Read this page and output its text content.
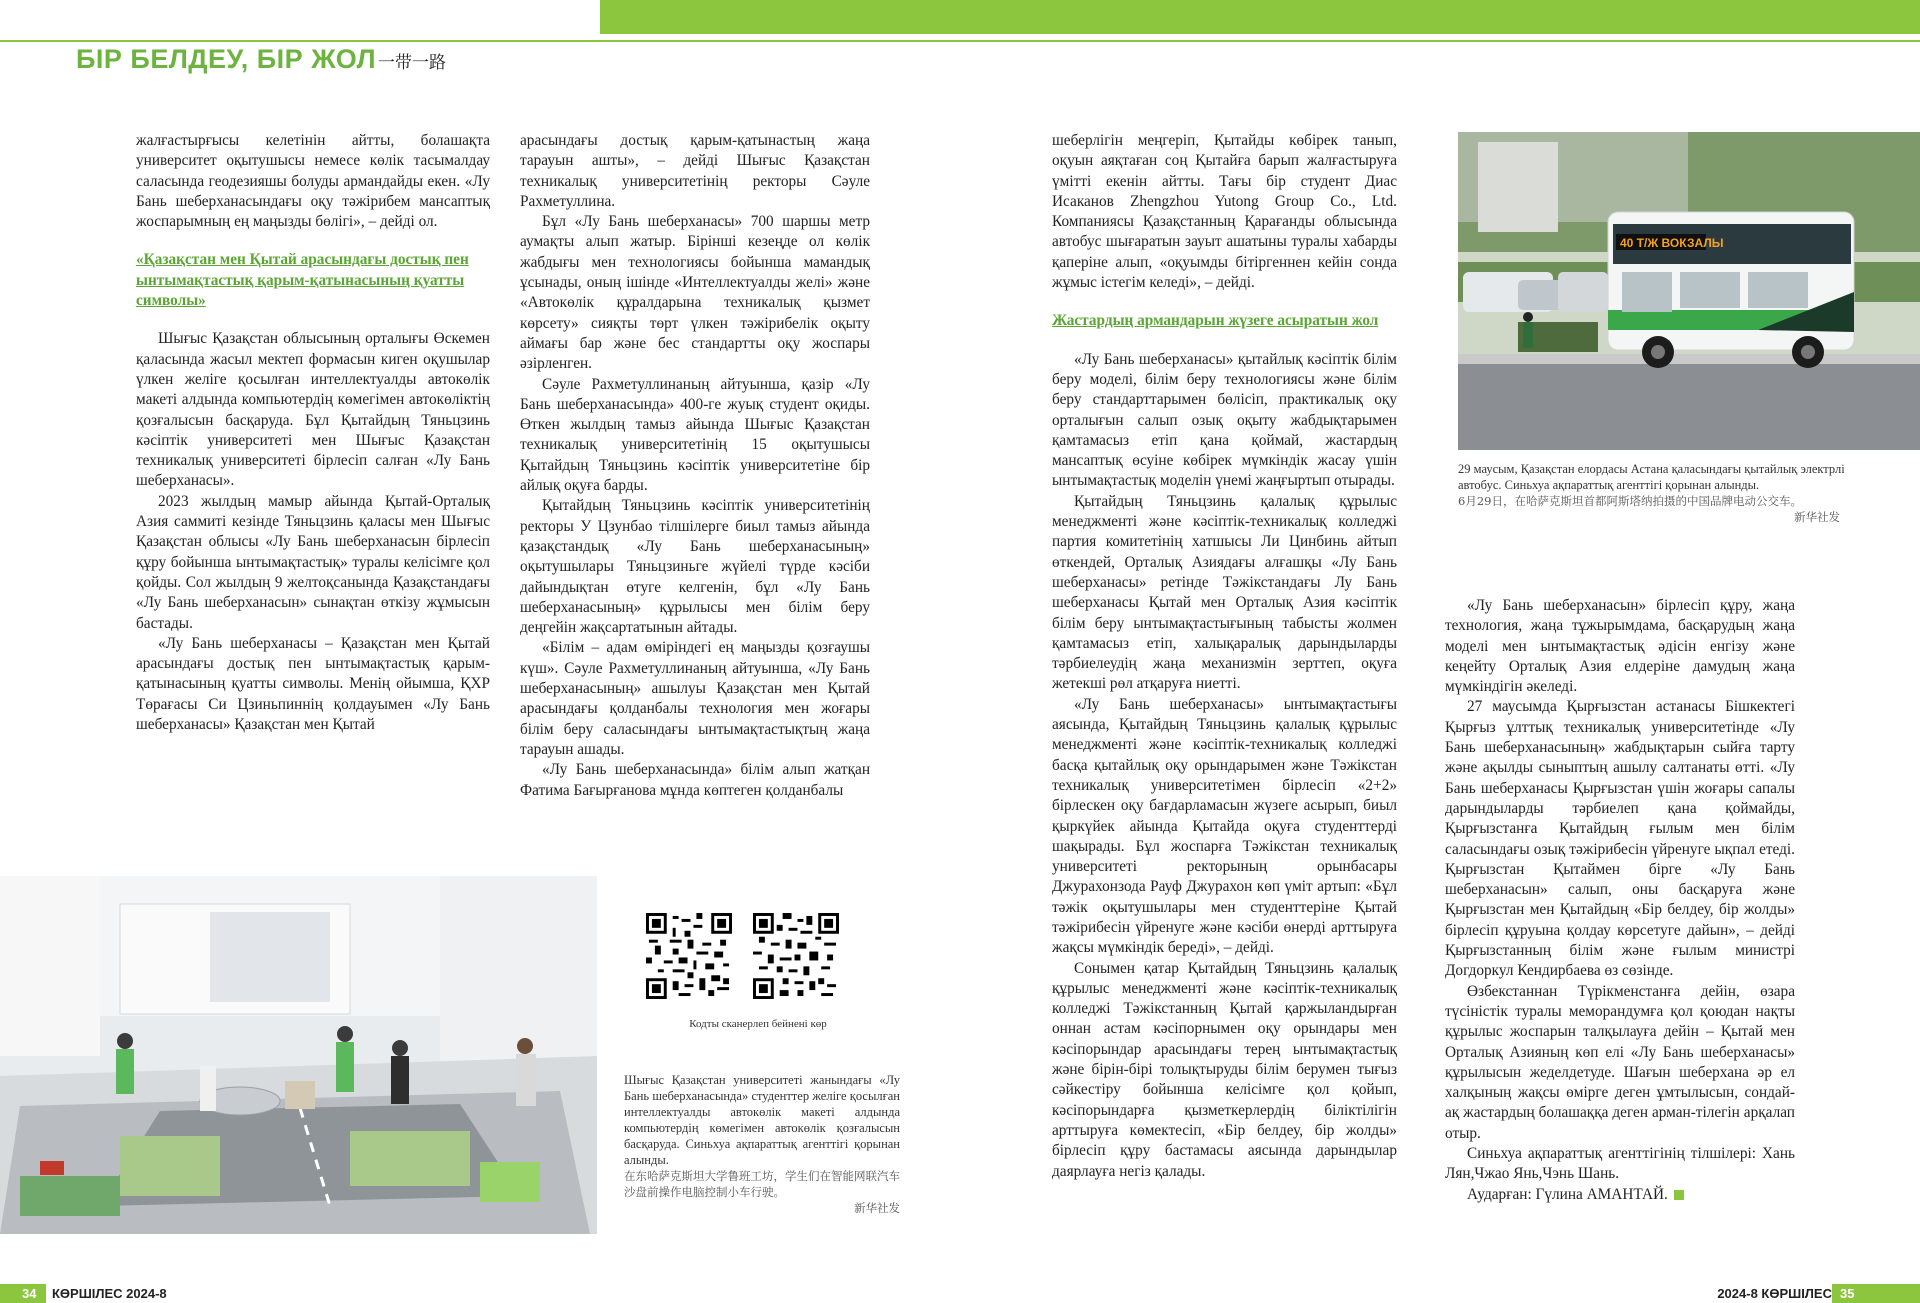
БІР БЕЛДЕУ, БІР ЖОЛ 一带一路

жалғастырғысы келетінін айтты, болашақта университет оқытушысы немесе көлік тасымалдау саласында геодезияшы болуды армандайды екен. «Лу Бань шеберханасындағы оқу тәжірибем мансаптық жоспарымның ең маңызды бөлігі», – дейді ол.

«Қазақстан мен Қытай арасындағы достық пен ынтымақтастық қарым-қатынасының қуатты символы»

Шығыс Қазақстан облысының орталығы Өскемен қаласында жасыл мектеп формасын киген оқушылар үлкен желіге қосылған интеллектуалды автокөлік макеті алдында компьютердің көмегімен автокөліктің қозғалысын басқаруда. Бұл Қытайдың Тяньцзинь кәсіптік университеті мен Шығыс Қазақстан техникалық университеті бірлесіп салған «Лу Бань шеберханасы».

2023 жылдың мамыр айында Қытай-Орталық Азия саммиті кезінде Тяньцзинь қаласы мен Шығыс Қазақстан облысы «Лу Бань шеберханасын бірлесіп құру бойынша ынтымақтастық» туралы келісімге қол қойды. Сол жылдың 9 желтоқсанында Қазақстандағы «Лу Бань шеберханасын» сынақтан өткізу жұмысын бастады.

«Лу Бань шеберханасы – Қазақстан мен Қытай арасындағы достық пен ынтымақтастық қарым-қатынасының қуатты символы. Менің ойымша, ҚХР Төрағасы Си Цзиньпиннің қолдауымен «Лу Бань шеберханасы» Қазақстан мен Қытай

арасындағы достық қарым-қатынастың жаңа тарауын ашты», – дейді Шығыс Қазақстан техникалық университетінің ректоры Сәуле Рахметуллина.

Бұл «Лу Бань шеберханасы» 700 шаршы метр аумақты алып жатыр. Бірінші кезеңде ол көлік жабдығы мен технологиясы бойынша мамандық ұсынады, оның ішінде «Интеллектуалды желі» және «Автокөлік құралдарына техникалық қызмет көрсету» сияқты төрт үлкен тәжірибелік оқыту аймағы бар және бес стандартты оқу жоспары әзірленген.

Сәуле Рахметуллинаның айтуынша, қазір «Лу Бань шеберханасында» 400-ге жуық студент оқиды. Өткен жылдың тамыз айында Шығыс Қазақстан техникалық университетінің 15 оқытушысы Қытайдың Тяньцзинь кәсіптік университетіне бір айлық оқуға барды.

Қытайдың Тяньцзинь кәсіптік университетінің ректоры У Цзунбао тілшілерге биыл тамыз айында қазақстандық «Лу Бань шеберханасының» оқытушылары Тяньцзиньге жүйелі түрде кәсіби дайындықтан өтуге келгенін, бұл «Лу Бань шеберханасының» құрылысы мен білім беру деңгейін жақсартатынын айтады.

«Білім – адам өміріндегі ең маңызды қозғаушы күш». Сәуле Рахметуллинаның айтуынша, «Лу Бань шеберханасының» ашылуы Қазақстан мен Қытай арасындағы қолданбалы технология мен жоғары білім беру саласындағы ынтымақтастықтың жаңа тарауын ашады.

«Лу Бань шеберханасында» білім алып жатқан Фатима Бағырғанова мұнда көптеген қолданбалы

Кодты сканерлеп бейнені көр
Шығыс Қазақстан университеті жанындағы «Лу Бань шеберханасында» студенттер желіге қосылған интеллектуалды автокөлік макеті алдында компьютердің көмегімен автокөлік қозғалысын басқаруда. Синьхуа ақпараттық агенттігі қорынан алынды.
在东哈萨克斯坦大学鲁班工坊，学生们在智能网联汽车沙盘前操作电脑控制小车行驶。
新华社发

шеберлігін меңгеріп, Қытайды көбірек танып, оқуын аяқтаған соң Қытайға барып жалғастыруға үмітті екенін айтты. Тағы бір студент Диас Исаканов Zhengzhou Yutong Group Co., Ltd. Компаниясы Қазақстанның Қарағанды облысында автобус шығаратын зауыт ашатыны туралы хабарды қаперіне алып, «оқуымды бітіргеннен кейін сонда жұмыс істегім келеді», – дейді.

Жастардың армандарын жүзеге асыратын жол

«Лу Бань шеберханасы» қытайлық кәсіптік білім беру моделі, білім беру технологиясы және білім беру стандарттарымен бөлісіп, практикалық оқу орталығын салып озық оқыту жабдықтарымен қамтамасыз етіп қана қоймай, жастардың мансаптық өсуіне көбірек мүмкіндік жасау үшін ынтымақтастық моделін үнемі жаңғыртып отырады.

Қытайдың Тяньцзинь қалалық құрылыс менеджменті және кәсіптік-техникалық колледжі партия комитетінің хатшысы Ли Цинбинь айтып өткендей, Орталық Азиядағы алғашқы «Лу Бань шеберханасы» ретінде Тәжікстандағы Лу Бань шеберханасы Қытай мен Орталық Азия кәсіптік білім беру ынтымақтастығының табысты жолмен қамтамасыз етіп, халықаралық дарындыларды тәрбиелеудің жаңа механизмін зерттеп, оқуға жетекші рөл атқаруға ниетті.

«Лу Бань шеберханасы» ынтымақтастығы аясында, Қытайдың Тяньцзинь қалалық құрылыс менеджменті және кәсіптік-техникалық колледжі басқа қытайлық оқу орындарымен және Тәжікстан техникалық университетімен бірлесіп «2+2» бірлескен оқу бағдарламасын жүзеге асырып, биыл қыркүйек айында Қытайда оқуға студенттерді шақырады. Бұл жоспарға Тәжікстан техникалық университеті ректорының орынбасары Джурахонзода Рауф Джурахон көп үміт артып: «Бұл тәжік оқытушылары мен студенттеріне Қытай тәжірибесін үйренуге және кәсіби өнерді арттыруға жақсы мүмкіндік береді», – дейді.

Сонымен қатар Қытайдың Тяньцзинь қалалық құрылыс менеджменті және кәсіптік-техникалық колледжі Тәжікстанның Қытай қаржыландырған оннан астам кәсіпорнымен оқу орындары мен кәсіпорындар арасындағы терең ынтымақтастық және бірін-бірі толықтыруды білім берумен тығыз сәйкестіру бойынша келісімге қол қойып, кәсіпорындарға қызметкерлердің біліктілігін арттыруға көмектесіп, «Бір белдеу, бір жолды» бірлесіп құру бастамасы аясында дарындылар даярлауға негіз қалады.

40 Т/Ж ВОКЗАЛЫ
29 маусым, Қазақстан елордасы Астана қаласындағы қытайлық электрлі автобус. Синьхуа ақпараттық агенттігі қорынан алынды.
6月29日，在哈萨克斯坦首都阿斯塔纳拍摄的中国品牌电动公交车。
新华社发

«Лу Бань шеберханасын» бірлесіп құру, жаңа технология, жаңа тұжырымдама, басқарудың жаңа моделі мен ынтымақтастық әдісін енгізу және кеңейту Орталық Азия елдеріне дамудың жаңа мүмкіндігін әкеледі.

27 маусымда Қырғызстан астанасы Бішкектегі Қырғыз ұлттық техникалық университетінде «Лу Бань шеберханасының» жабдықтарын сыйға тарту және ақылды сыныптың ашылу салтанаты өтті. «Лу Бань шеберханасы Қырғызстан үшін жоғары сапалы дарындыларды тәрбиелеп қана қоймайды, Қырғызстанға Қытайдың ғылым мен білім саласындағы озық тәжірибесін үйренуге ықпал етеді. Қырғызстан Қытаймен бірге «Лу Бань шеберханасын» салып, оны басқаруға және Қырғызстан мен Қытайдың «Бір белдеу, бір жолды» бірлесіп құруына қолдау көрсетуге дайын», – дейді Қырғызстанның білім және ғылым министрі Догдоркул Кендирбаева өз сөзінде.

Өзбекстаннан Түрікменстанға дейін, өзара түсіністік туралы меморандумға қол қоюдан нақты құрылыс жоспарын талқылауға дейін – Қытай мен Орталық Азияның көп елі «Лу Бань шеберханасы» құрылысын жеделдетуде. Шағын шеберхана әр ел халқының жақсы өмірге деген ұмтылысын, сондай-ақ жастардың болашаққа деген арман-тілегін арқалап отыр.

Синьхуа ақпараттық агенттігінің тілшілері: Хань Лян,Чжао Янь,Чэнь Шань.

Аударған: Гүлина АМАНТАЙ.

34 КӨРШІЛЕС 2024-8	2024-8 КӨРШІЛЕС 35
